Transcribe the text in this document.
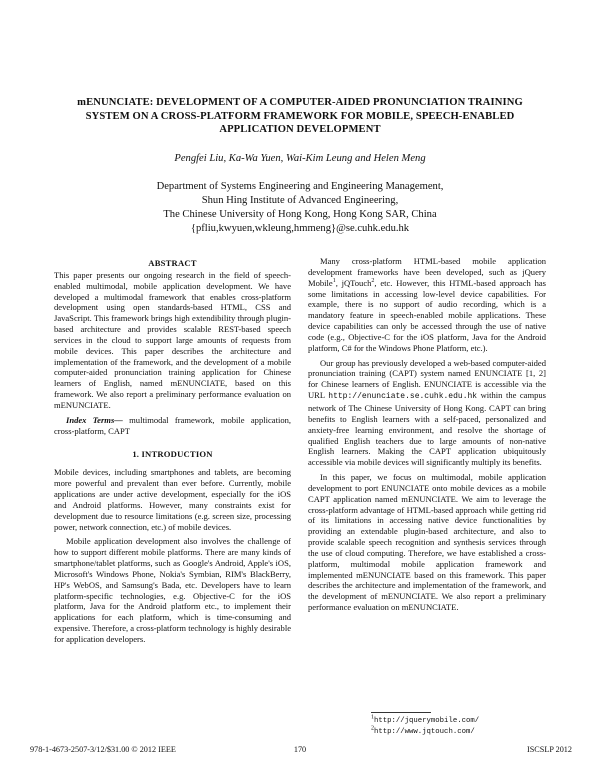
mENUNCIATE: DEVELOPMENT OF A COMPUTER-AIDED PRONUNCIATION TRAINING
SYSTEM ON A CROSS-PLATFORM FRAMEWORK FOR MOBILE, SPEECH-ENABLED
APPLICATION DEVELOPMENT
Pengfei Liu, Ka-Wa Yuen, Wai-Kim Leung and Helen Meng
Department of Systems Engineering and Engineering Management,
Shun Hing Institute of Advanced Engineering,
The Chinese University of Hong Kong, Hong Kong SAR, China
{pfliu,kwyuen,wkleung,hmmeng}@se.cuhk.edu.hk
ABSTRACT

This paper presents our ongoing research in the field of speech-enabled multimodal, mobile application development. We have developed a multimodal framework that enables cross-platform development using open standards-based HTML, CSS and JavaScript. This framework brings high extendibility through plugin-based architecture and provides scalable REST-based speech services in the cloud to support large amounts of requests from mobile devices. This paper describes the architecture and implementation of the framework, and the development of a mobile computer-aided pronunciation training application for Chinese learners of English, named mENUNCIATE, based on this framework. We also report a preliminary performance evaluation on mENUNCIATE.

Index Terms— multimodal framework, mobile application, cross-platform, CAPT

1. INTRODUCTION

Mobile devices, including smartphones and tablets, are becoming more powerful and prevalent than ever before. Currently, mobile applications are under active development, especially for the iOS and Android platforms. However, many constraints exist for development due to resource limitations (e.g. screen size, processing power, network connection, etc.) of mobile devices.

Mobile application development also involves the challenge of how to support different mobile platforms. There are many kinds of smartphone/tablet platforms, such as Google's Android, Apple's iOS, Microsoft's Windows Phone, Nokia's Symbian, RIM's BlackBerry, HP's WebOS, and Samsung's Bada, etc. Developers have to learn platform-specific technologies, e.g. Objective-C for the iOS platform, Java for the Android platform etc., to implement their applications for each platform, which is time-consuming and expensive. Therefore, a cross-platform technology is highly desirable for application developers.

Many cross-platform HTML-based mobile application development frameworks have been developed, such as jQuery Mobile$^1$, jQTouch$^2$, etc. However, this HTML-based approach has some limitations in accessing low-level device capabilities. For example, there is no support of audio recording, which is a mandatory feature in speech-enabled mobile applications. These device capabilities can only be accessed through the use of native code (e.g., Objective-C for the iOS platform, Java for the Android platform, C# for the Windows Phone Platform, etc.).

Our group has previously developed a web-based computer-aided pronunciation training (CAPT) system named ENUNCIATE [1, 2] for Chinese learners of English. ENUNCIATE is accessible via the URL http://enunciate.se.cuhk.edu.hk within the campus network of The Chinese University of Hong Kong. CAPT can bring benefits to English learners with a self-paced, personalized and anxiety-free learning environment, and resolve the shortage of qualified English teachers due to large amounts of non-native English learners. Making the CAPT application ubiquitously accessible via mobile devices will significantly multiply its benefits.

In this paper, we focus on multimodal, mobile application development to port ENUNCIATE onto mobile devices as a mobile CAPT application named mENUNCIATE. We aim to leverage the cross-platform advantage of HTML-based approach while getting rid of its limitations in accessing native device functionalities by providing an extendable plugin-based architecture, and also to provide scalable speech recognition and synthesis services through the use of cloud computing. Therefore, we have established a cross-platform, multimodal mobile application framework and implemented mENUNCIATE based on this framework. This paper describes the architecture and implementation of the framework, and the development of mENUNCIATE. We also report a preliminary performance evaluation on mENUNCIATE.

$^1$http://jquerymobile.com/
$^2$http://www.jqtouch.com/
978-1-4673-2507-3/12/$31.00 © 2012 IEEE	170	ISCSLP 2012
